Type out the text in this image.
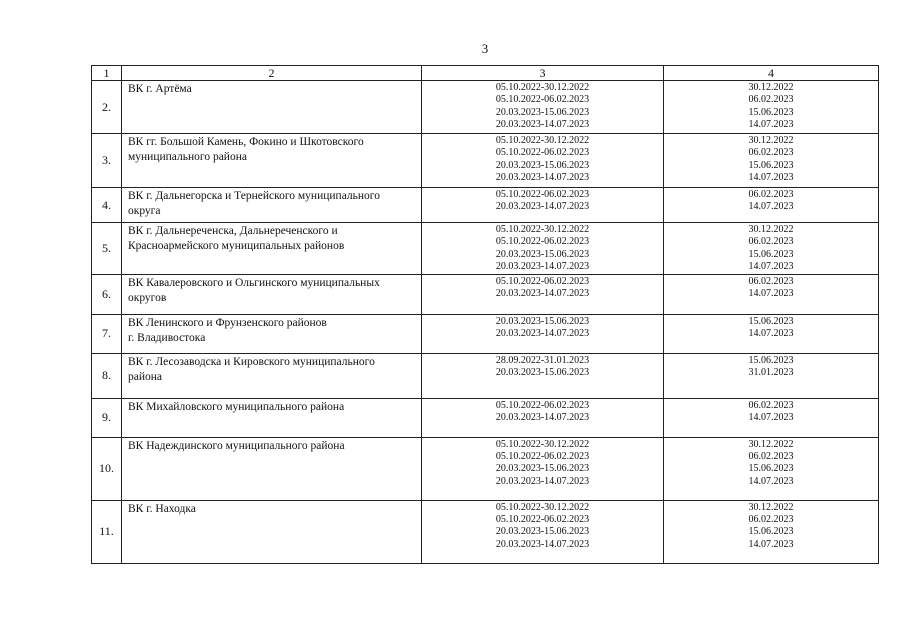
3
1	2	3	4
2.	ВК г. Артёма	05.10.2022-30.12.2022
05.10.2022-06.02.2023
20.03.2023-15.06.2023
20.03.2023-14.07.2023	30.12.2022
06.02.2023
15.06.2023
14.07.2023

3.	ВК гг. Большой Камень, Фокино и Шкотовского
муниципального района	05.10.2022-30.12.2022
05.10.2022-06.02.2023
20.03.2023-15.06.2023
20.03.2023-14.07.2023	30.12.2022
06.02.2023
15.06.2023
14.07.2023

4.	ВК г. Дальнегорска и Тернейского муниципального
округа	05.10.2022-06.02.2023
20.03.2023-14.07.2023	06.02.2023
14.07.2023

5.	ВК г. Дальнереченска, Дальнереченского и
Красноармейского муниципальных районов	05.10.2022-30.12.2022
05.10.2022-06.02.2023
20.03.2023-15.06.2023
20.03.2023-14.07.2023	30.12.2022
06.02.2023
15.06.2023
14.07.2023

6.	ВК Кавалеровского и Ольгинского муниципальных
округов	05.10.2022-06.02.2023
20.03.2023-14.07.2023	06.02.2023
14.07.2023

7.	ВК Ленинского и Фрунзенского районов
г. Владивостока	20.03.2023-15.06.2023
20.03.2023-14.07.2023	15.06.2023
14.07.2023

8.	ВК г. Лесозаводска и Кировского муниципального
района	28.09.2022-31.01.2023
20.03.2023-15.06.2023	15.06.2023
31.01.2023

9.	ВК Михайловского муниципального района	05.10.2022-06.02.2023
20.03.2023-14.07.2023	06.02.2023
14.07.2023

10.	ВК Надеждинского муниципального района	05.10.2022-30.12.2022
05.10.2022-06.02.2023
20.03.2023-15.06.2023
20.03.2023-14.07.2023	30.12.2022
06.02.2023
15.06.2023
14.07.2023

11.	ВК г. Находка	05.10.2022-30.12.2022
05.10.2022-06.02.2023
20.03.2023-15.06.2023
20.03.2023-14.07.2023	30.12.2022
06.02.2023
15.06.2023
14.07.2023
